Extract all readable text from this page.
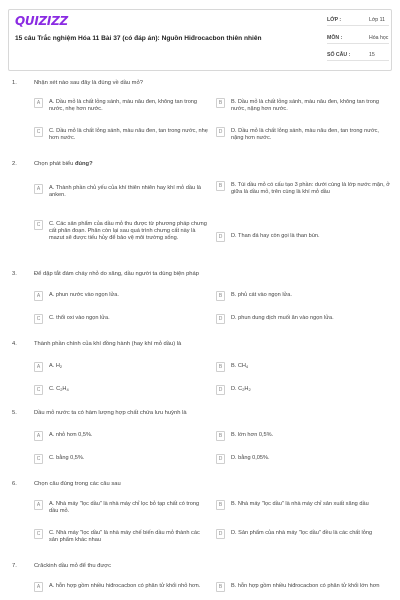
QUIZIZZ
15 câu Trắc nghiệm Hóa 11 Bài 37 (có đáp án): Nguồn Hiđrocacbon thiên nhiên
LỚP :	Lớp 11
MÔN :	Hóa học
SỐ CÂU :	15
1.	Nhận xét nào sau đây là đúng về dầu mỏ?
A	A. Dầu mỏ là chất lỏng sánh, màu nâu đen, không tan trong nước, nhẹ hơn nước.
B	B. Dầu mỏ là chất lỏng sánh, màu nâu đen, không tan trong nước, nặng hơn nước.
C	C. Dầu mỏ là chất lỏng sánh, màu nâu đen, tan trong nước, nhẹ hơn nước.
D	D. Dầu mỏ là chất lỏng sánh, màu nâu đen, tan trong nước, nặng hơn nước.
2.	Chọn phát biểu đúng?
A	A. Thành phần chủ yếu của khí thiên nhiên hay khí mỏ dầu là anken.
B	B. Túi dầu mỏ có cấu tạo 3 phần: dưới cùng là lớp nước mặn, ở giữa là dầu mỏ, trên cùng là khí mỏ dầu
C	C. Các sản phẩm của dầu mỏ thu được từ phương pháp chưng cất phân đoạn. Phân còn lại sau quá trình chưng cất này là mazut sẽ được tiếu hủy để bảo vệ môi trường sống.	D	D. Than đá hay còn gọi là than bùn.
3.	Để dập tắt đám cháy nhỏ do xăng, dầu người ta dùng biện pháp
A	A. phun nước vào ngọn lửa.	B	B. phủ cát vào ngọn lửa.
C	C. thổi oxi vào ngọn lửa.	D	D. phun dung dịch muối ăn vào ngọn lửa.
4.	Thành phần chính của khí đồng hành (hay khí mỏ dầu) là
A	A. $H_2$	B	B. $CH_4$
C	C. $C_2H_4$	D	D. $C_2H_2$
5.	Dầu mỏ nước ta có hàm lượng hợp chất chứa lưu huỳnh là
A	A. nhỏ hơn 0,5%.	B	B. lớn hơn 0,5%.
C	C. bằng 0,5%.	D	D. bằng 0,05%.
6.	Chọn câu đúng trong các câu sau
A	A. Nhà máy "lọc dầu" là nhà máy chỉ lọc bỏ tạp chất có trong dầu mỏ.
B	B. Nhà máy "lọc dầu" là nhà máy chỉ sản xuất xăng dầu
C	C. Nhà máy "lọc dầu" là nhà máy chế biến dầu mỏ thành các sản phẩm khác nhau
D	D. Sản phẩm của nhà máy "lọc dầu" đều là các chất lỏng
7.	Crăckinh dầu mỏ để thu được
A	A. hỗn hợp gồm nhiều hiđrocacbon có phân tử khối nhỏ hơn.	B	B. hỗn hợp gồm nhiều hiđrocacbon có phân tử khối lớn hơn
